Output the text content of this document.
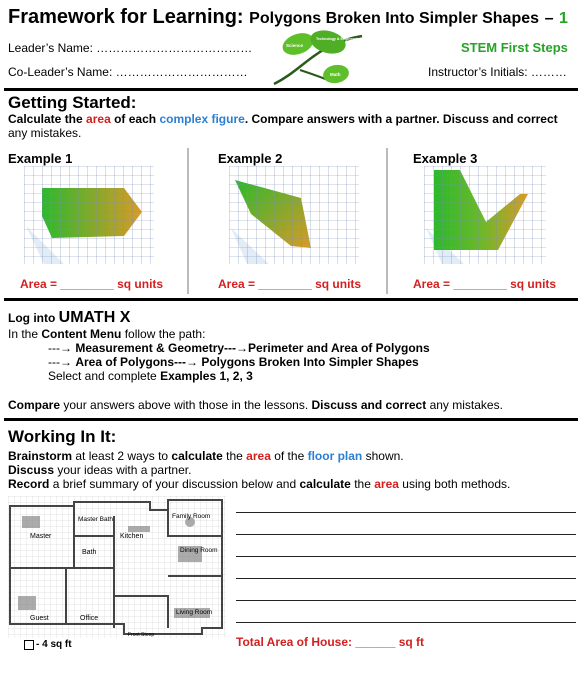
Framework for Learning: Polygons Broken Into Simpler Shapes – 1
Leader’s Name: …………………………………
Co-Leader’s Name: ……………………………
STEM First Steps
Instructor’s Initials: ………
Science
Technology & Engineering
Math
Getting Started:
Calculate the area of each complex figure. Compare answers with a partner. Discuss and correct any mistakes.
Example 1	Example 2	Example 3
Area = ________ sq units	Area = ________ sq units	Area = ________ sq units
Log into UMATH X
In the Content Menu follow the path:
---→ Measurement & Geometry---→Perimeter and Area of Polygons
---→ Area of Polygons---→ Polygons Broken Into Simpler Shapes
Select and complete Examples 1, 2, 3
Compare your answers above with those in the lessons. Discuss and correct any mistakes.
Working In It:
Brainstorm at least 2 ways to calculate the area of the floor plan shown.
Discuss your ideas with a partner.
Record a brief summary of your discussion below and calculate the area using both methods.
Master
Master Bath
Bath
Kitchen
Family Room
Dining Room
Guest	Office
Living Room
Front Stoop
- 4 sq ft	Total Area of House: ______ sq ft
